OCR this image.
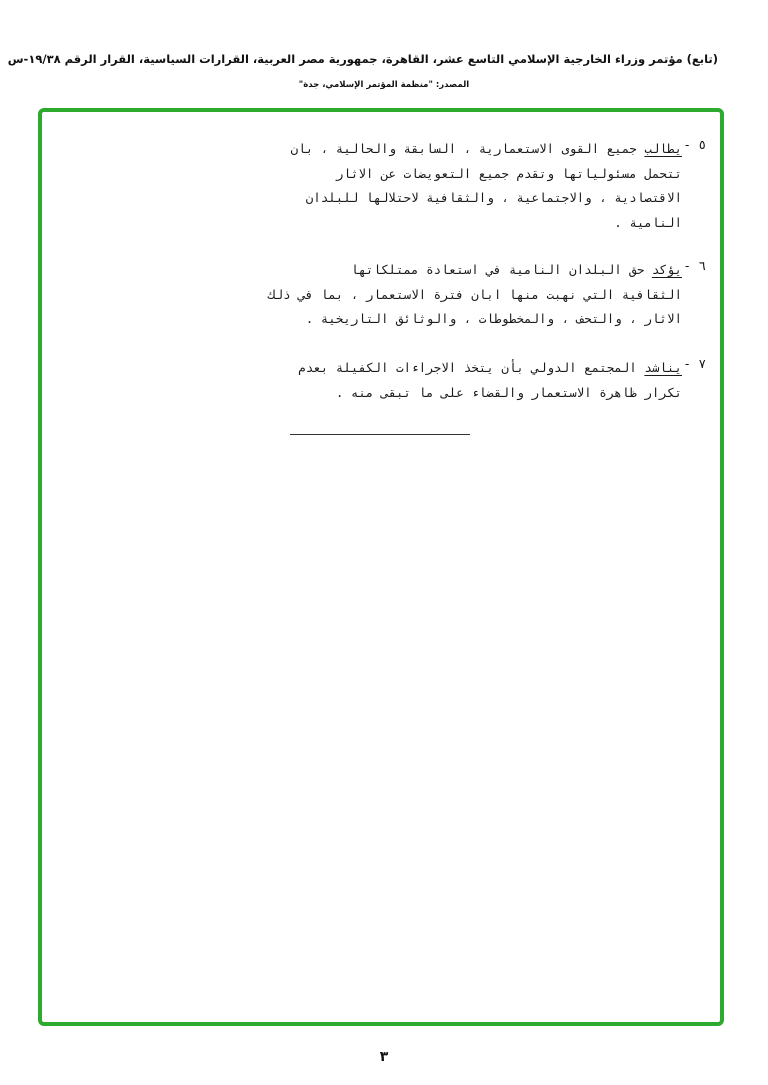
(تابع) مؤتمر وزراء الخارجية الإسلامي التاسع عشر، القاهرة، جمهورية مصر العربية، القرارات السياسية، القرار الرقم ١٩/٣٨-س
المصدر: "منظمة المؤتمر الإسلامي، جدة"
٥ -
يطالب جميع القوى الاستعمارية ، السابقة والحالية ، بان
تتحمل مسئولياتها وتقدم جميع التعويضات عن الاثار
الاقتصادية ، والاجتماعية ، والثقافية لاحتلالها للبلدان
النامية .
٦ -
يؤكد حق البلدان النامية في استعادة ممتلكاتها
الثقافية التي نهبت منها ابان فترة الاستعمار ، بما في ذلك
الاثار ، والتحف ، والمخطوطات ، والوثائق التاريخية .
٧ -
يناشد المجتمع الدولي بأن يتخذ الاجراءات الكفيلة بعدم
تكرار ظاهرة الاستعمار والقضاء على ما تبقى منه .
٣
